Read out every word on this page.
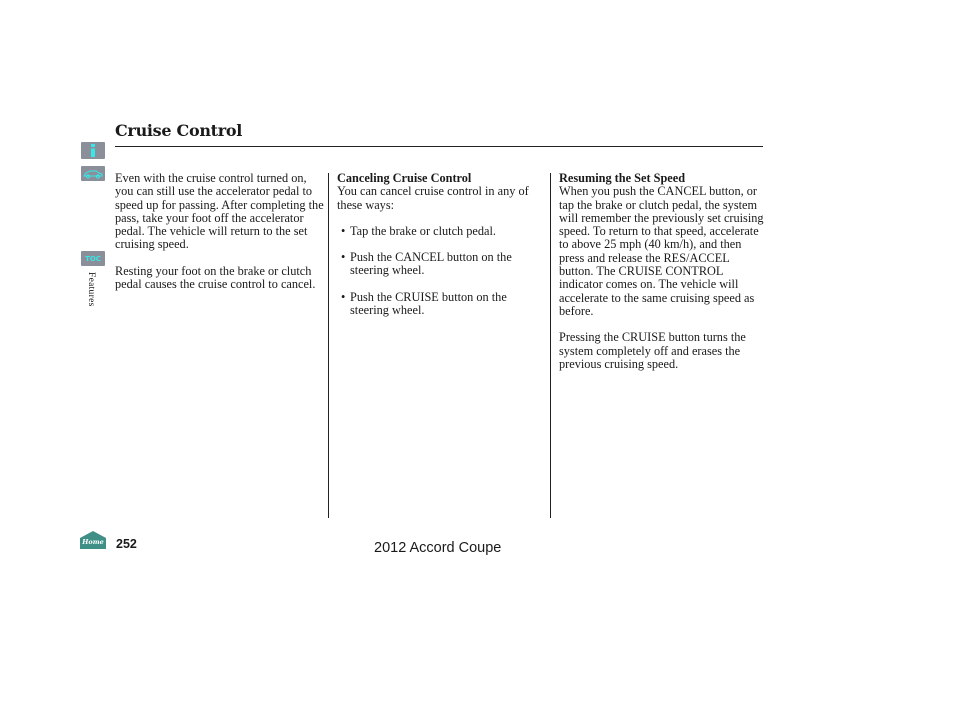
TOC
Features
Cruise Control

Even with the cruise control turned on, you can still use the accelerator pedal to speed up for passing. After completing the pass, take your foot off the accelerator pedal. The vehicle will return to the set cruising speed.

Resting your foot on the brake or clutch pedal causes the cruise control to cancel.

Canceling Cruise Control

You can cancel cruise control in any of these ways:

• Tap the brake or clutch pedal.
• Push the CANCEL button on the steering wheel.
• Push the CRUISE button on the steering wheel.

Resuming the Set Speed

When you push the CANCEL button, or tap the brake or clutch pedal, the system will remember the previously set cruising speed. To return to that speed, accelerate to above 25 mph (40 km/h), and then press and release the RES/ACCEL button. The CRUISE CONTROL indicator comes on. The vehicle will accelerate to the same cruising speed as before.

Pressing the CRUISE button turns the system completely off and erases the previous cruising speed.

Home 252	2012 Accord Coupe
